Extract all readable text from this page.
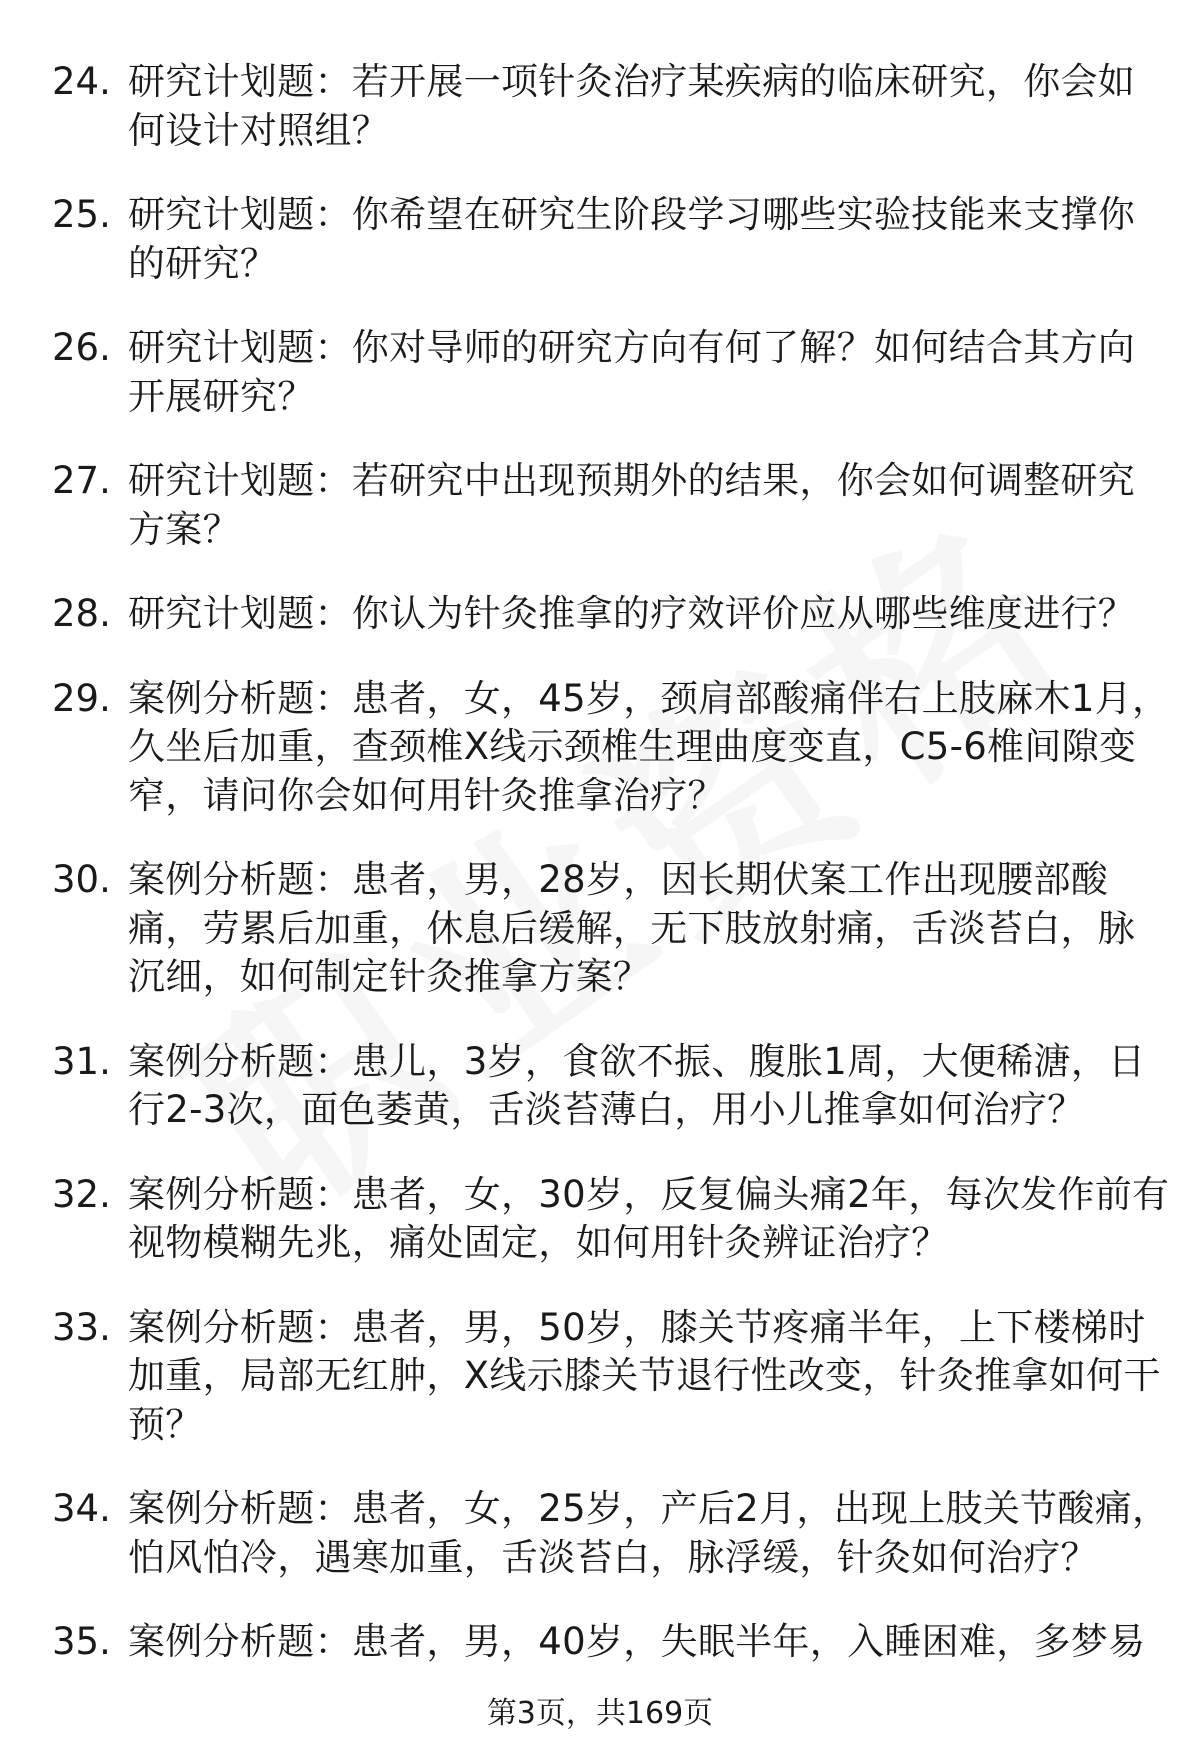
24. 研究计划题：若开展一项针灸治疗某疾病的临床研究，你会如何设计对照组？
25. 研究计划题：你希望在研究生阶段学习哪些实验技能来支撑你的研究？
26. 研究计划题：你对导师的研究方向有何了解？如何结合其方向开展研究？
27. 研究计划题：若研究中出现预期外的结果，你会如何调整研究方案？
28. 研究计划题：你认为针灸推拿的疗效评价应从哪些维度进行？
29. 案例分析题：患者，女，45岁，颈肩部酸痛伴右上肢麻木1月，久坐后加重，查颈椎X线示颈椎生理曲度变直，C5-6椎间隙变窄，请问你会如何用针灸推拿治疗？
30. 案例分析题：患者，男，28岁，因长期伏案工作出现腰部酸痛，劳累后加重，休息后缓解，无下肢放射痛，舌淡苔白，脉沉细，如何制定针灸推拿方案？
31. 案例分析题：患儿，3岁，食欲不振、腹胀1周，大便稀溏，日行2-3次，面色萎黄，舌淡苔薄白，用小儿推拿如何治疗？
32. 案例分析题：患者，女，30岁，反复偏头痛2年，每次发作前有视物模糊先兆，痛处固定，如何用针灸辨证治疗？
33. 案例分析题：患者，男，50岁，膝关节疼痛半年，上下楼梯时加重，局部无红肿，X线示膝关节退行性改变，针灸推拿如何干预？
34. 案例分析题：患者，女，25岁，产后2月，出现上肢关节酸痛，怕风怕冷，遇寒加重，舌淡苔白，脉浮缓，针灸如何治疗？
35. 案例分析题：患者，男，40岁，失眠半年，入睡困难，多梦易
第3页，共169页
